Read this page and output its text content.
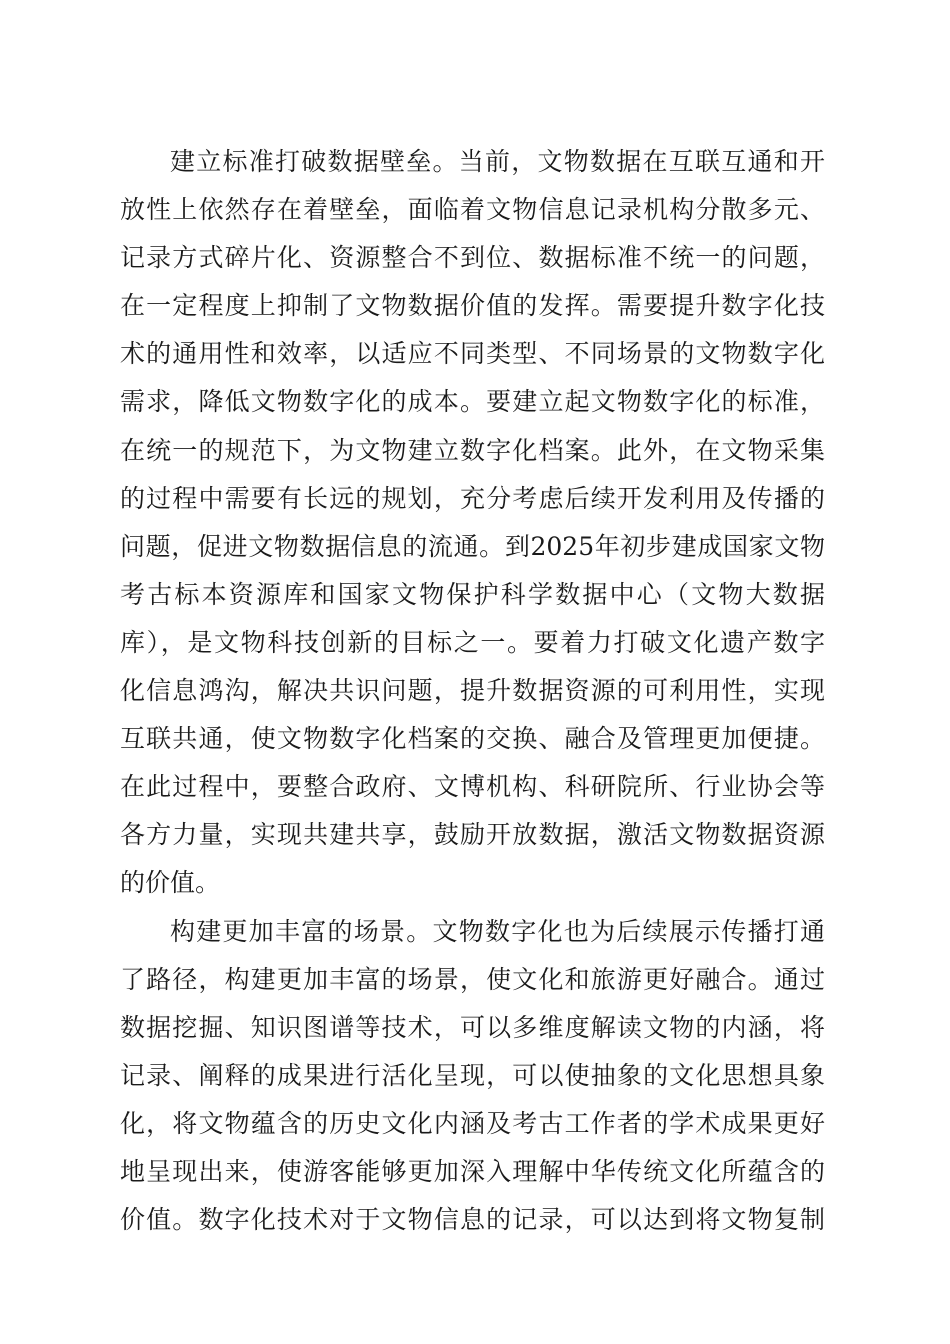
建立标准打破数据壁垒。当前，文物数据在互联互通和开
放性上依然存在着壁垒，面临着文物信息记录机构分散多元、
记录方式碎片化、资源整合不到位、数据标准不统一的问题，
在一定程度上抑制了文物数据价值的发挥。需要提升数字化技
术的通用性和效率，以适应不同类型、不同场景的文物数字化
需求，降低文物数字化的成本。要建立起文物数字化的标准，
在统一的规范下，为文物建立数字化档案。此外，在文物采集
的过程中需要有长远的规划，充分考虑后续开发利用及传播的
问题，促进文物数据信息的流通。到2025年初步建成国家文物
考古标本资源库和国家文物保护科学数据中心（文物大数据
库），是文物科技创新的目标之一。要着力打破文化遗产数字
化信息鸿沟，解决共识问题，提升数据资源的可利用性，实现
互联共通，使文物数字化档案的交换、融合及管理更加便捷。
在此过程中，要整合政府、文博机构、科研院所、行业协会等
各方力量，实现共建共享，鼓励开放数据，激活文物数据资源
的价值。
构建更加丰富的场景。文物数字化也为后续展示传播打通
了路径，构建更加丰富的场景，使文化和旅游更好融合。通过
数据挖掘、知识图谱等技术，可以多维度解读文物的内涵，将
记录、阐释的成果进行活化呈现，可以使抽象的文化思想具象
化，将文物蕴含的历史文化内涵及考古工作者的学术成果更好
地呈现出来，使游客能够更加深入理解中华传统文化所蕴含的
价值。数字化技术对于文物信息的记录，可以达到将文物复制
